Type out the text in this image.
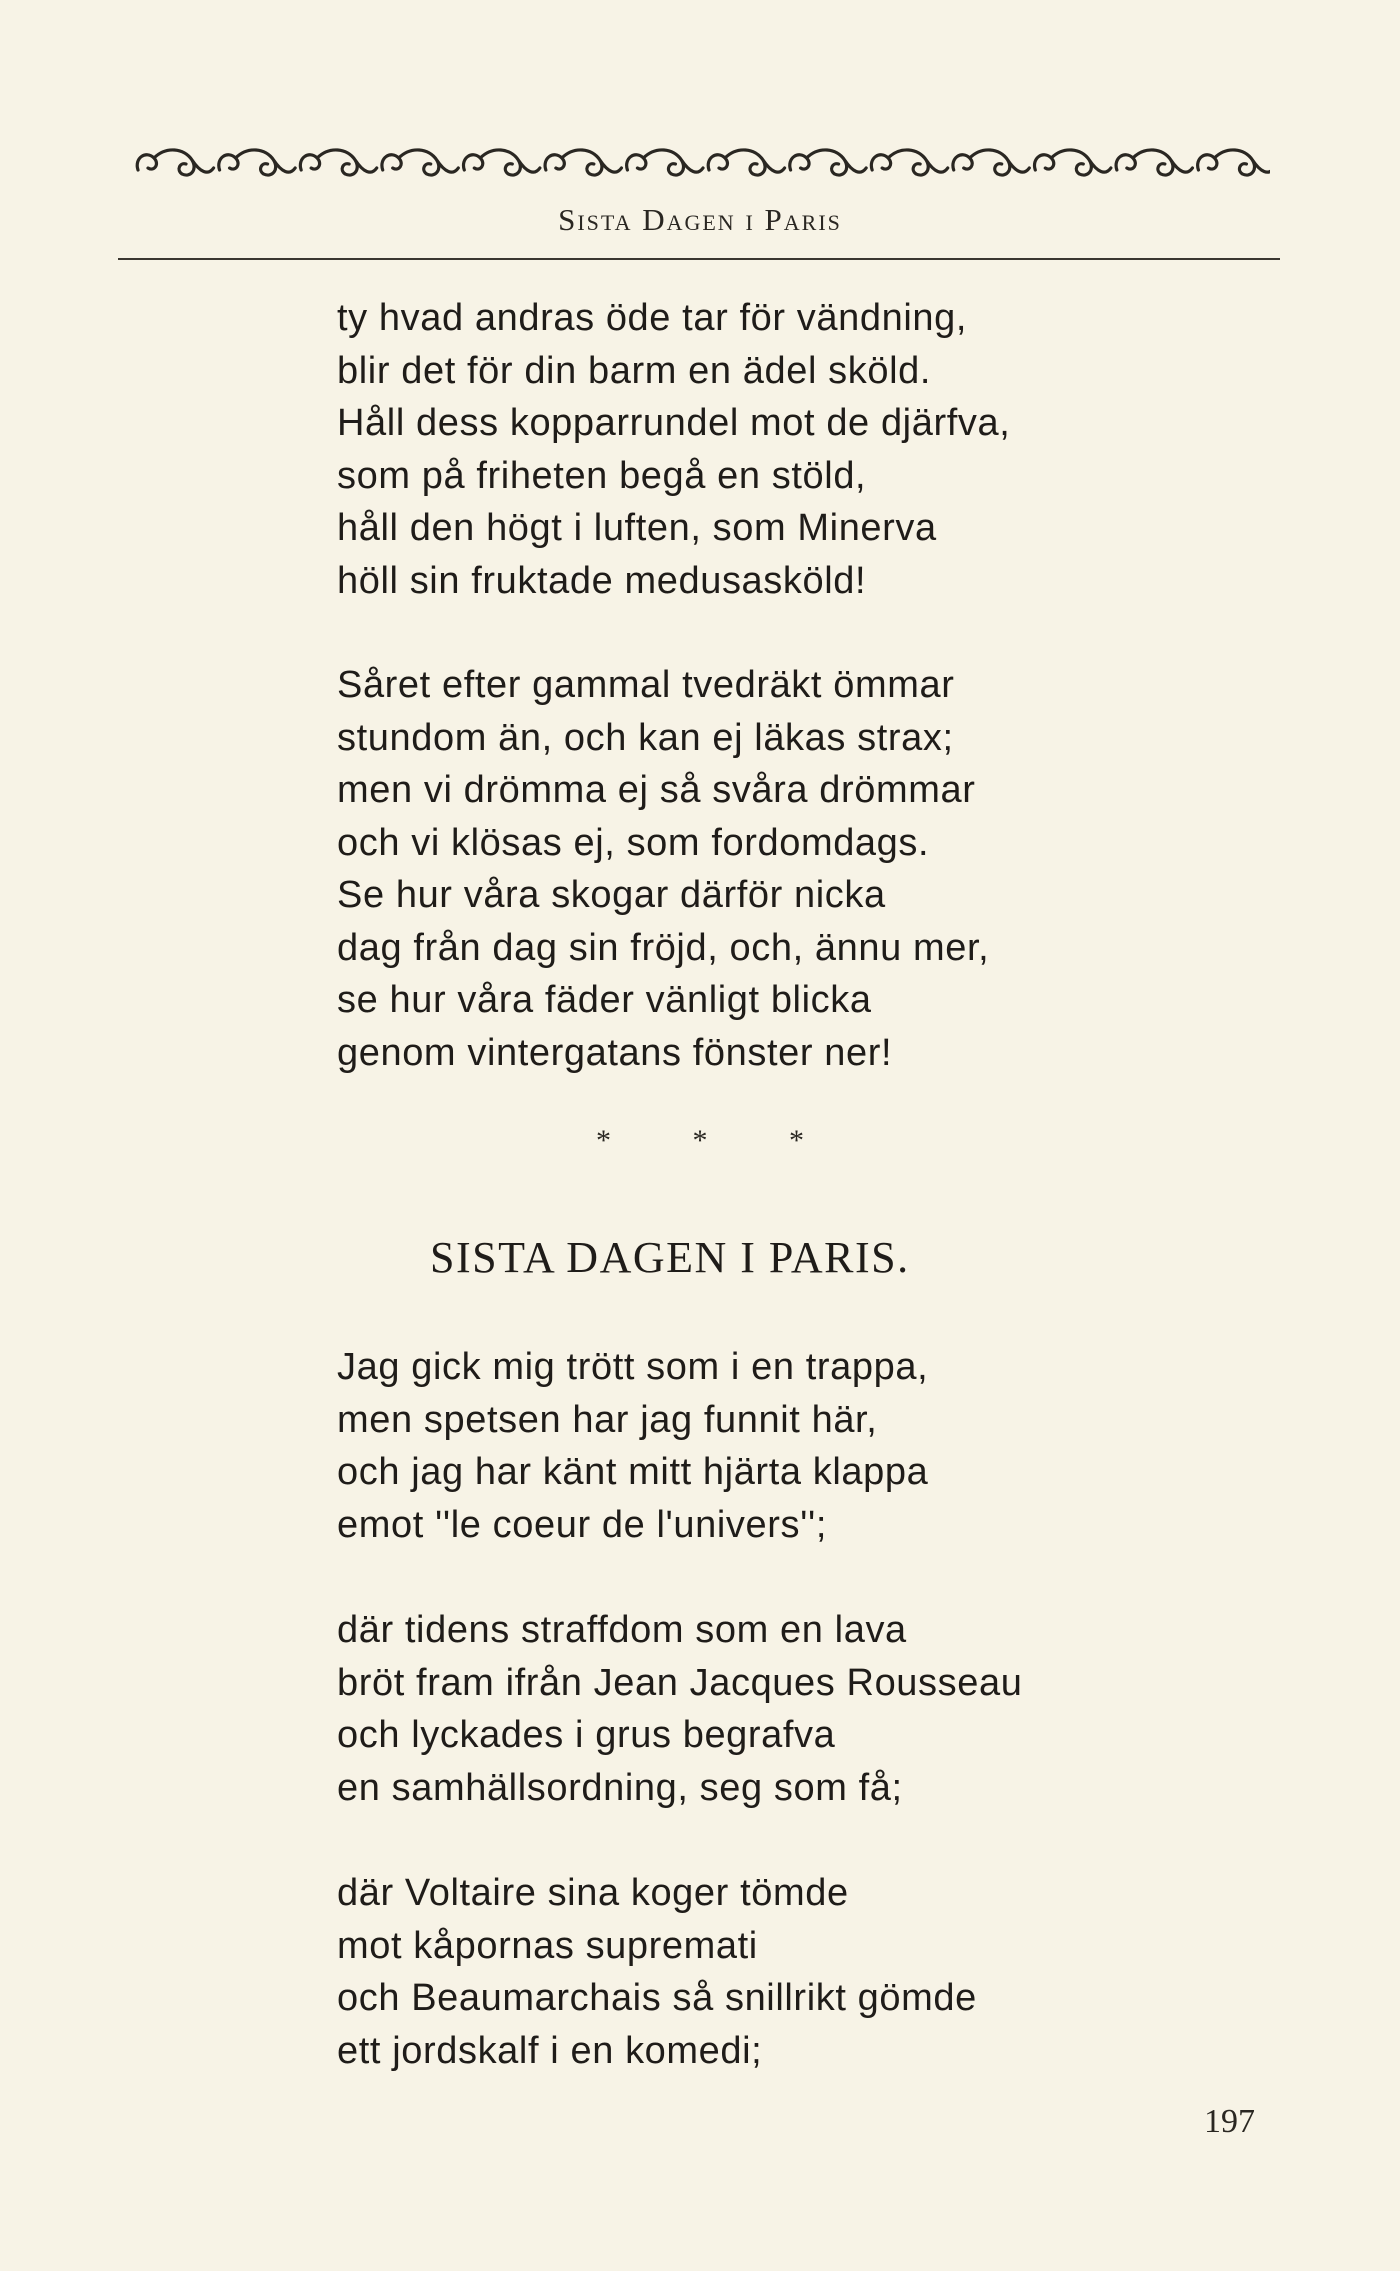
Sista Dagen i Paris
ty hvad andras öde tar för vändning,
blir det för din barm en ädel sköld.
Håll dess kopparrundel mot de djärfva,
som på friheten begå en stöld,
håll den högt i luften, som Minerva
höll sin fruktade medusasköld!
Såret efter gammal tvedräkt ömmar
stundom än, och kan ej läkas strax;
men vi drömma ej så svåra drömmar
och vi klösas ej, som fordomdags.
Se hur våra skogar därför nicka
dag från dag sin fröjd, och, ännu mer,
se hur våra fäder vänligt blicka
genom vintergatans fönster ner!
*	*	*
SISTA DAGEN I PARIS.
Jag gick mig trött som i en trappa,
men spetsen har jag funnit här,
och jag har känt mitt hjärta klappa
emot ''le coeur de l'univers'';
där tidens straffdom som en lava
bröt fram ifrån Jean Jacques Rousseau
och lyckades i grus begrafva
en samhällsordning, seg som få;
där Voltaire sina koger tömde
mot kåpornas supremati
och Beaumarchais så snillrikt gömde
ett jordskalf i en komedi;
197
